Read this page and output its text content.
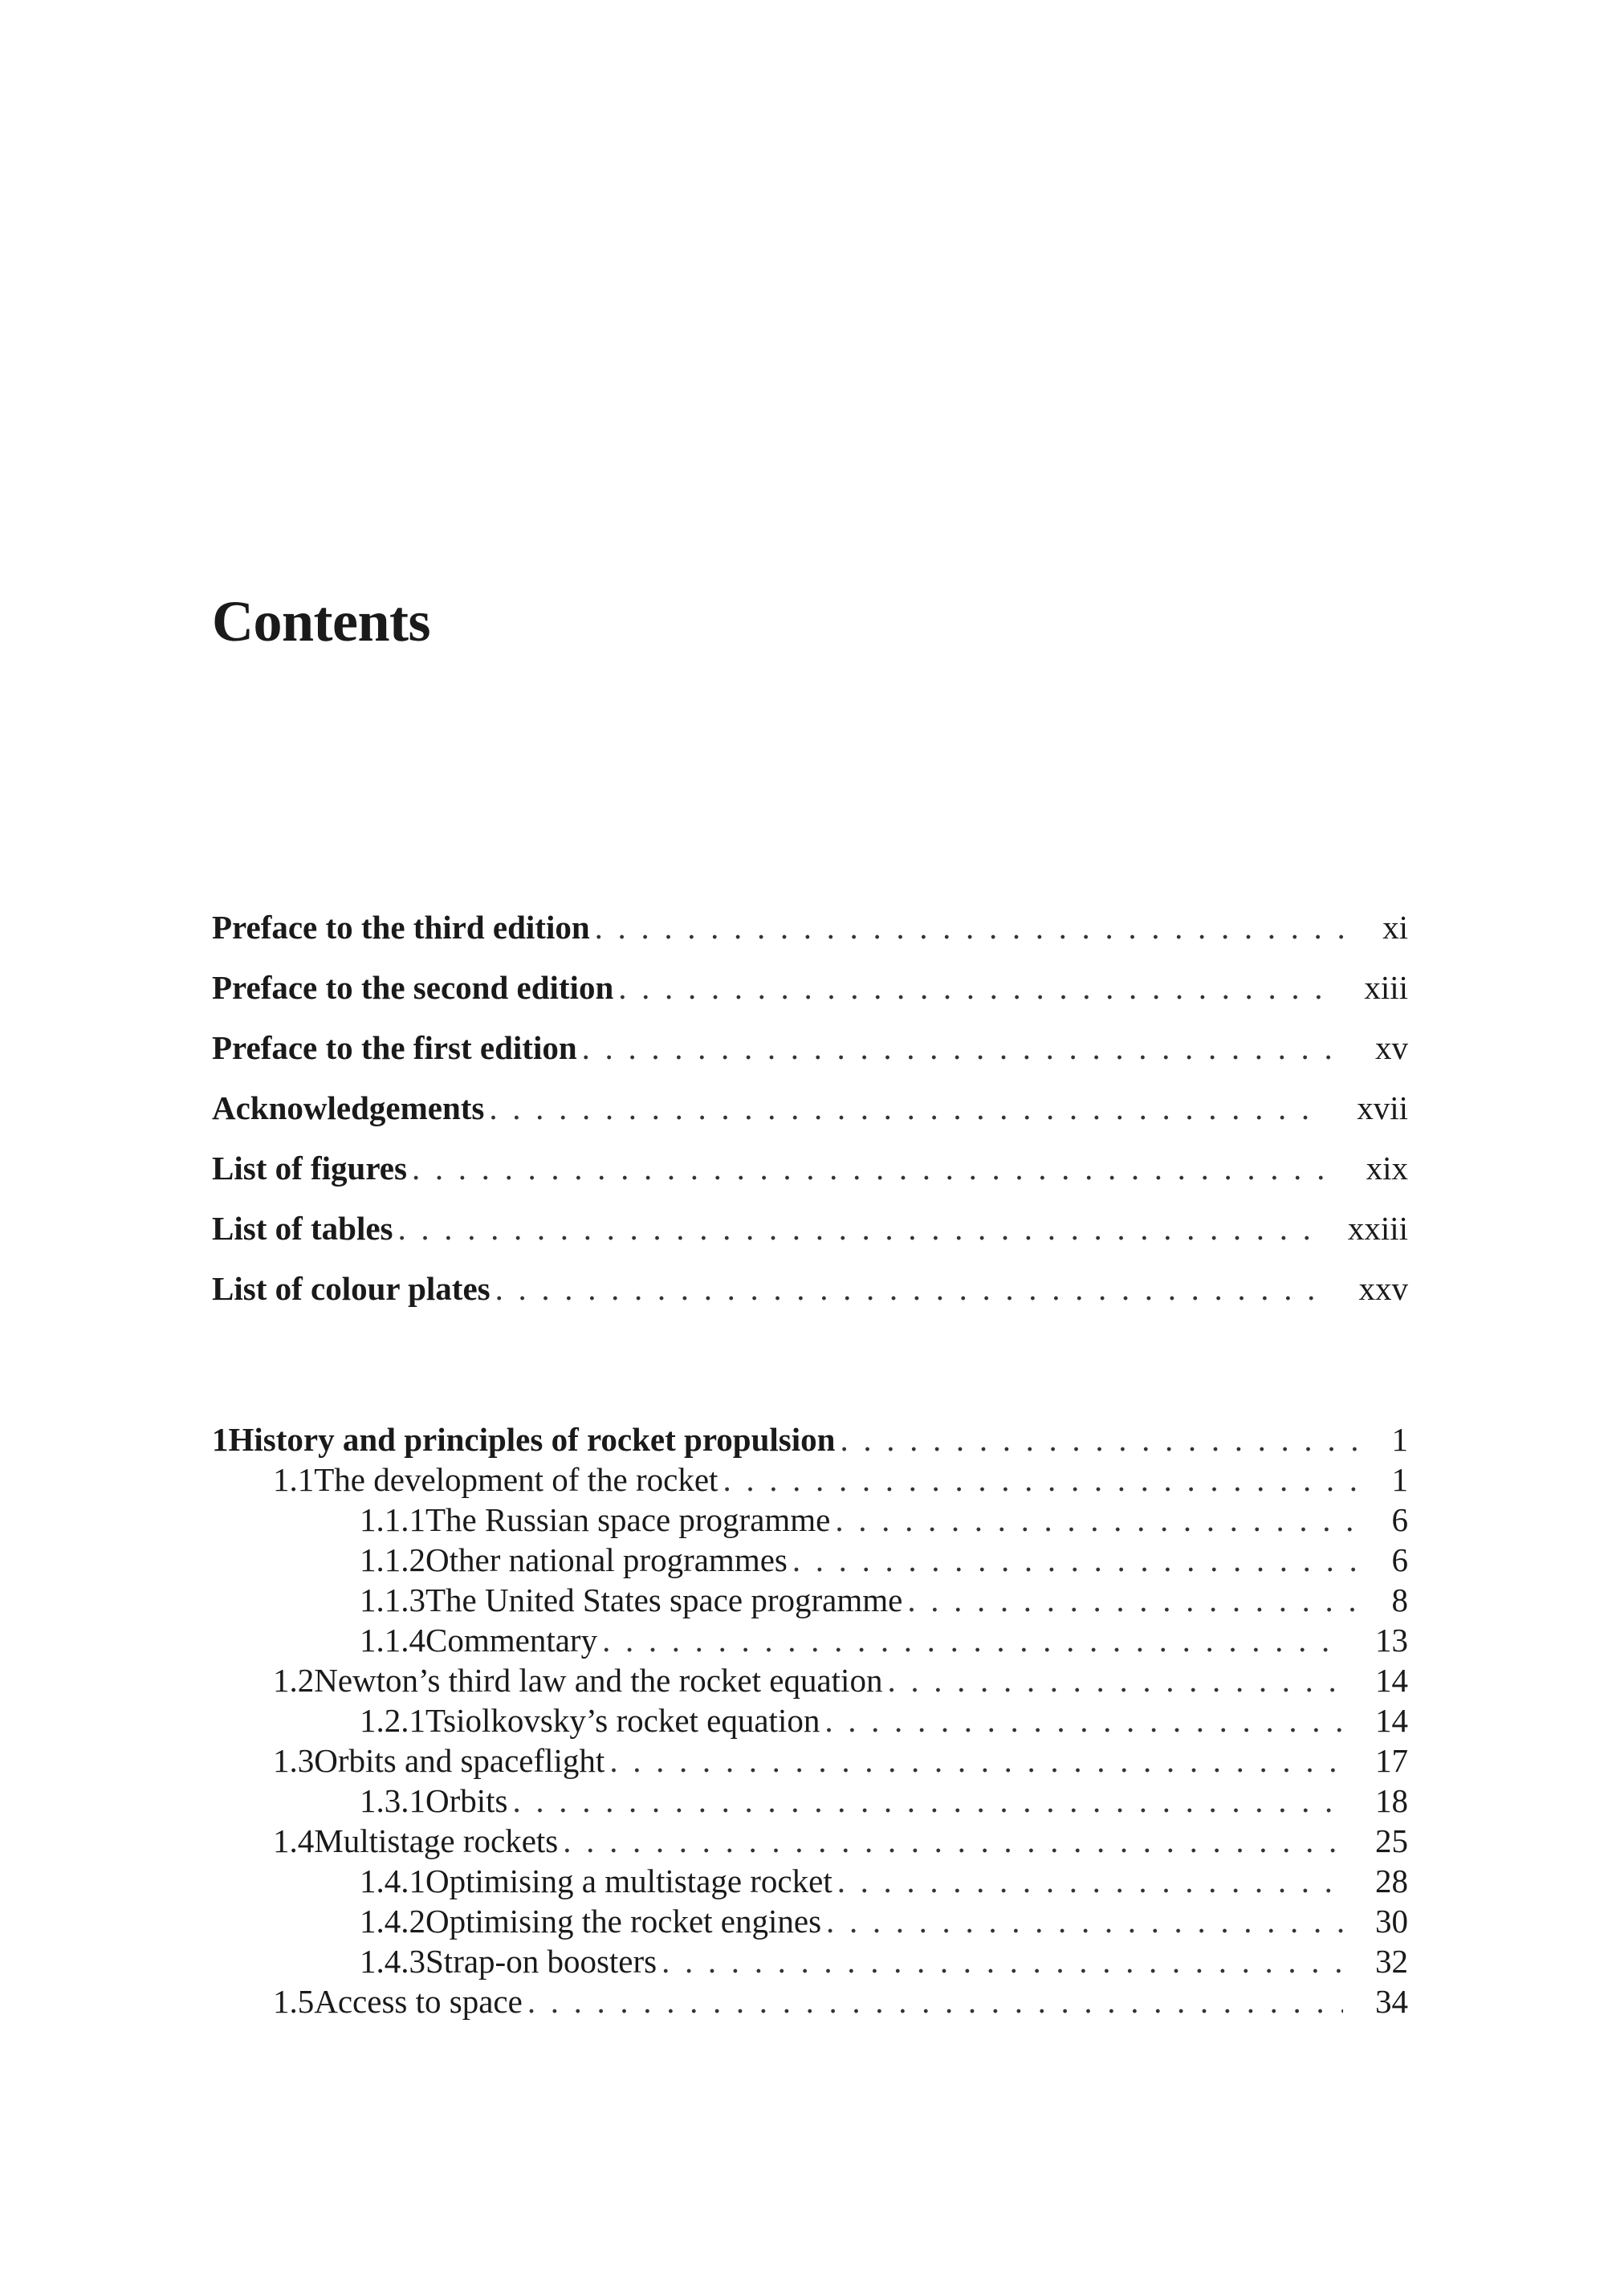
Contents
Preface to the third edition . . .	xi
Preface to the second edition . . .	xiii
Preface to the first edition . . .	xv
Acknowledgements . . .	xvii
List of figures . . .	xix
List of tables . . .	xxiii
List of colour plates . . .	xxv
1 History and principles of rocket propulsion . . .	1
1.1 The development of the rocket . . .	1
1.1.1 The Russian space programme . . .	6
1.1.2 Other national programmes . . .	6
1.1.3 The United States space programme . . .	8
1.1.4 Commentary . . .	13
1.2 Newton’s third law and the rocket equation . . .	14
1.2.1 Tsiolkovsky’s rocket equation . . .	14
1.3 Orbits and spaceflight . . .	17
1.3.1 Orbits . . .	18
1.4 Multistage rockets . . .	25
1.4.1 Optimising a multistage rocket . . .	28
1.4.2 Optimising the rocket engines . . .	30
1.4.3 Strap-on boosters . . .	32
1.5 Access to space . . .	34
